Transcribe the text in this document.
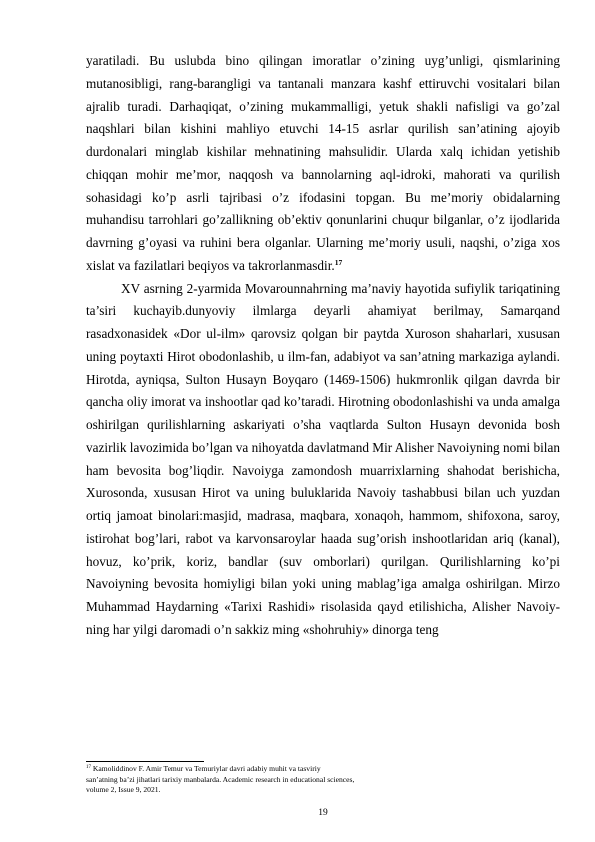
yaratiladi. Bu uslubda bino qilingan imoratlar o’zining uyg’unligi, qismlarining mutanosibligi, rang-barangligi va tantanali manzara kashf ettiruvchi vositalari bilan ajralib turadi. Darhaqiqat, o’zining mukammalligi, yetuk shakli nafisligi va go’zal naqshlari bilan kishini mahliyo etuvchi 14-15 asrlar qurilish san’atining ajoyib durdonalari minglab kishilar mehnatining mahsulidir. Ularda xalq ichidan yetishib chiqqan mohir me’mor, naqqosh va bannolarning aql-idroki, mahorati va qurilish sohasidagi ko’p asrli tajribasi o’z ifodasini topgan. Bu me’moriy obidalarning muhandisu tarrohlari go’zallikning ob’ektiv qonunlarini chuqur bilganlar, o’z ijodlarida davrning g’oyasi va ruhini bera olganlar. Ularning me’moriy usuli, naqshi, o’ziga xos xislat va fazilatlari beqiyos va takrorlanmasdir.$^{17}$

XV asrning 2-yarmida Movarounnahrning ma’naviy hayotida sufiylik tariqatining ta’siri kuchayib.dunyoviy ilmlarga deyarli ahamiyat berilmay, Samarqand rasadxonasidek «Dor ul-ilm» qarovsiz qolgan bir paytda Xuroson shaharlari, xususan uning poytaxti Hirot obodonlashib, u ilm-fan, adabiyot va san’atning markaziga aylandi. Hirotda, ayniqsa, Sulton Husayn Boyqaro (1469-1506) hukmronlik qilgan davrda bir qancha oliy imorat va inshootlar qad ko’taradi. Hirotning obodonlashishi va unda amalga oshirilgan qurilishlarning askariyati o’sha vaqtlarda Sulton Husayn devonida bosh vazirlik lavozimida bo’lgan va nihoyatda davlatmand Mir Alisher Navoiyning nomi bilan ham bevosita bog’liqdir. Navoiyga zamondosh muarrixlarning shahodat berishicha, Xurosonda, xususan Hirot va uning buluklarida Navoiy tashabbusi bilan uch yuzdan ortiq jamoat binolari:masjid, madrasa, maqbara, xonaqoh, hammom, shifoxona, saroy, istirohat bog’lari, rabot va karvonsaroylar haada sug’orish inshootlaridan ariq (kanal), hovuz, ko’prik, koriz, bandlar (suv omborlari) qurilgan. Qurilishlarning ko’pi Navoiyning bevosita homiyligi bilan yoki uning mablag’iga amalga oshirilgan. Mirzo Muhammad Haydarning «Tarixi Rashidi» risolasida qayd etilishicha, Alisher Navoiy-ning har yilgi daromadi o’n sakkiz ming «shohruhiy» dinorga teng

$^{17}$ Kamoliddinov F. Amir Temur va Temuriylar davri adabiy muhit va tasviriy
san’atning ba’zi jihatlari tarixiy manbalarda. Academic research in educational sciences,
volume 2, Issue 9, 2021.
19
